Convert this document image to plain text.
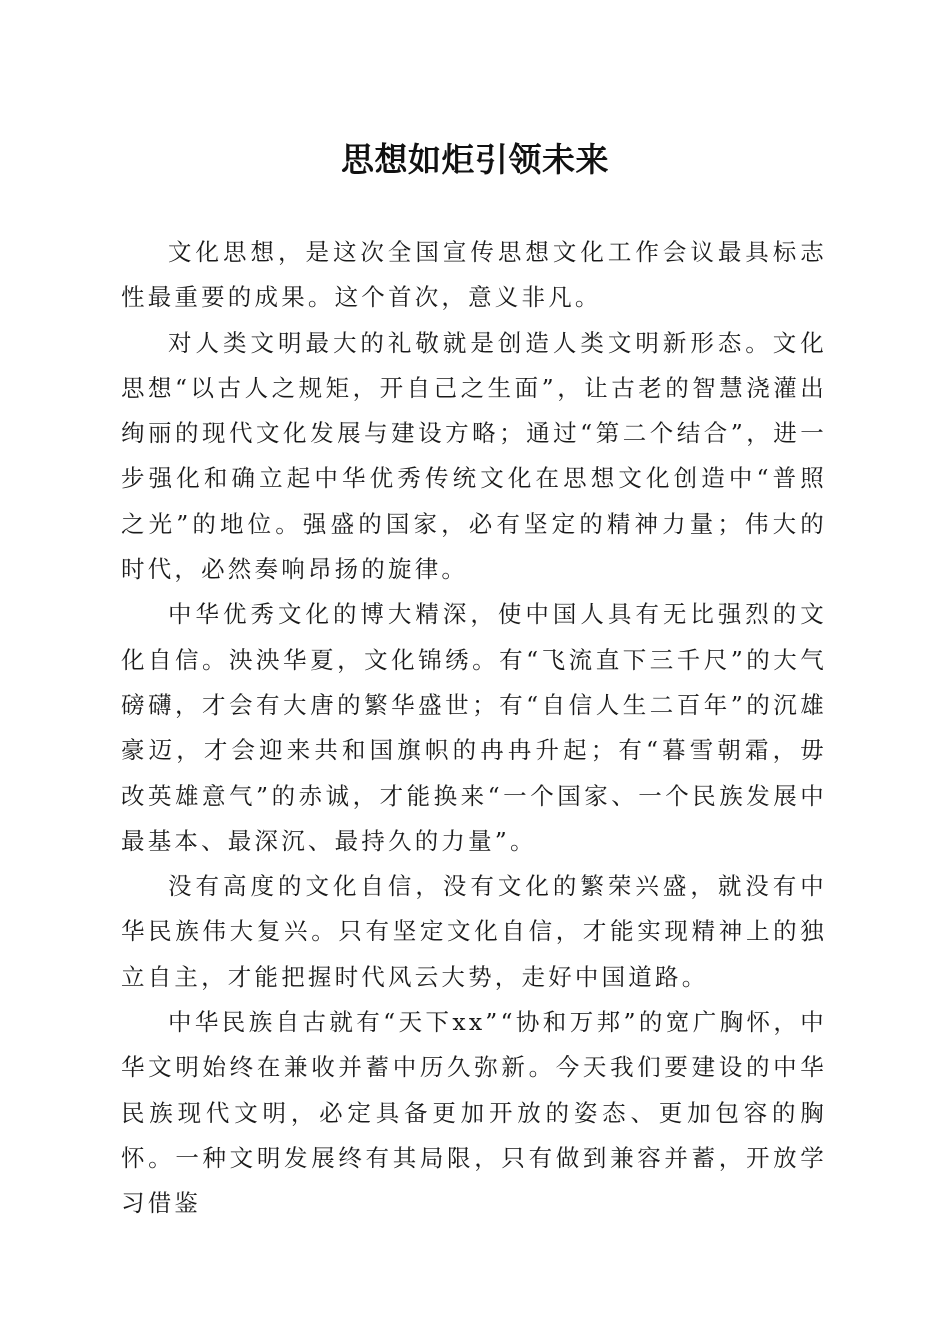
思想如炬引领未来

文化思想，是这次全国宣传思想文化工作会议最具标志性最重要的成果。这个首次，意义非凡。

对人类文明最大的礼敬就是创造人类文明新形态。文化思想“以古人之规矩，开自己之生面”，让古老的智慧浇灌出绚丽的现代文化发展与建设方略；通过“第二个结合”，进一步强化和确立起中华优秀传统文化在思想文化创造中“普照之光”的地位。强盛的国家，必有坚定的精神力量；伟大的时代，必然奏响昂扬的旋律。

中华优秀文化的博大精深，使中国人具有无比强烈的文化自信。泱泱华夏，文化锦绣。有“飞流直下三千尺”的大气磅礴，才会有大唐的繁华盛世；有“自信人生二百年”的沉雄豪迈，才会迎来共和国旗帜的冉冉升起；有“暮雪朝霜，毋改英雄意气”的赤诚，才能换来“一个国家、一个民族发展中最基本、最深沉、最持久的力量”。

没有高度的文化自信，没有文化的繁荣兴盛，就没有中华民族伟大复兴。只有坚定文化自信，才能实现精神上的独立自主，才能把握时代风云大势，走好中国道路。

中华民族自古就有“天下xx”“协和万邦”的宽广胸怀，中华文明始终在兼收并蓄中历久弥新。今天我们要建设的中华民族现代文明，必定具备更加开放的姿态、更加包容的胸怀。一种文明发展终有其局限，只有做到兼容并蓄，开放学习借鉴
